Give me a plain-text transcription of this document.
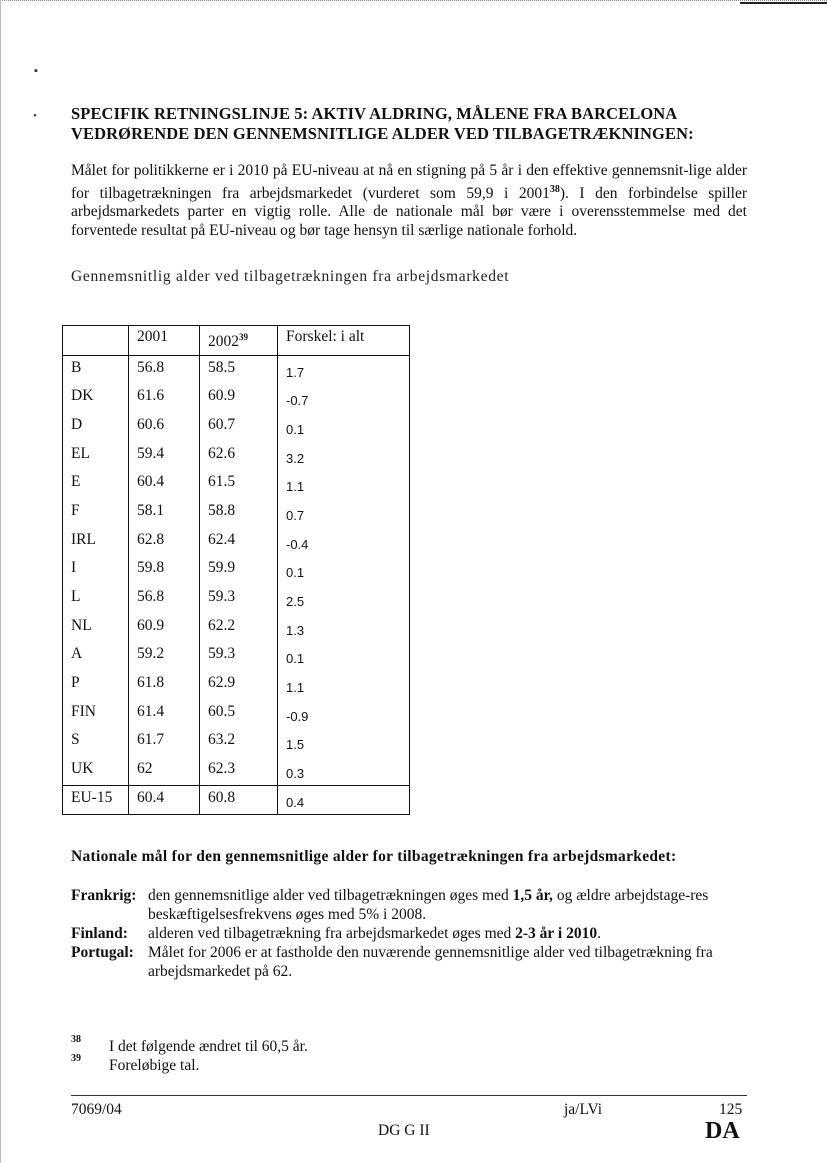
▪
• SPECIFIK RETNINGSLINJE 5: AKTIV ALDRING, MÅLENE FRA BARCELONA
VEDRØRENDE DEN GENNEMSNITLIGE ALDER VED TILBAGETRÆKNINGEN:
Målet for politikkerne er i 2010 på EU-niveau at nå en stigning på 5 år i den effektive gennemsnit-lige alder for tilbagetrækningen fra arbejdsmarkedet (vurderet som 59,9 i 2001$^{38}$). I den forbindelse spiller arbejdsmarkedets parter en vigtig rolle. Alle de nationale mål bør være i overensstemmelse med det forventede resultat på EU-niveau og bør tage hensyn til særlige nationale forhold.
Gennemsnitlig alder ved tilbagetrækningen fra arbejdsmarkedet
	2001	2002$^{39}$	Forskel: i alt
B	56.8	58.5	1.7
DK	61.6	60.9	-0.7
D	60.6	60.7	0.1
EL	59.4	62.6	3.2
E	60.4	61.5	1.1
F	58.1	58.8	0.7
IRL	62.8	62.4	-0.4
I	59.8	59.9	0.1
L	56.8	59.3	2.5
NL	60.9	62.2	1.3
A	59.2	59.3	0.1
P	61.8	62.9	1.1
FIN	61.4	60.5	-0.9
S	61.7	63.2	1.5
UK	62	62.3	0.3
EU-15	60.4	60.8	0.4
Nationale mål for den gennemsnitlige alder for tilbagetrækningen fra arbejdsmarkedet:
Frankrig: den gennemsnitlige alder ved tilbagetrækningen øges med 1,5 år, og ældre arbejdstage-res beskæftigelsesfrekvens øges med 5% i 2008.
Finland: alderen ved tilbagetrækning fra arbejdsmarkedet øges med 2-3 år i 2010.
Portugal: Målet for 2006 er at fastholde den nuværende gennemsnitlige alder ved tilbagetrækning fra arbejdsmarkedet på 62.
38 I det følgende ændret til 60,5 år.
39 Foreløbige tal.
7069/04	ja/LVi	125
DG G II	DA
